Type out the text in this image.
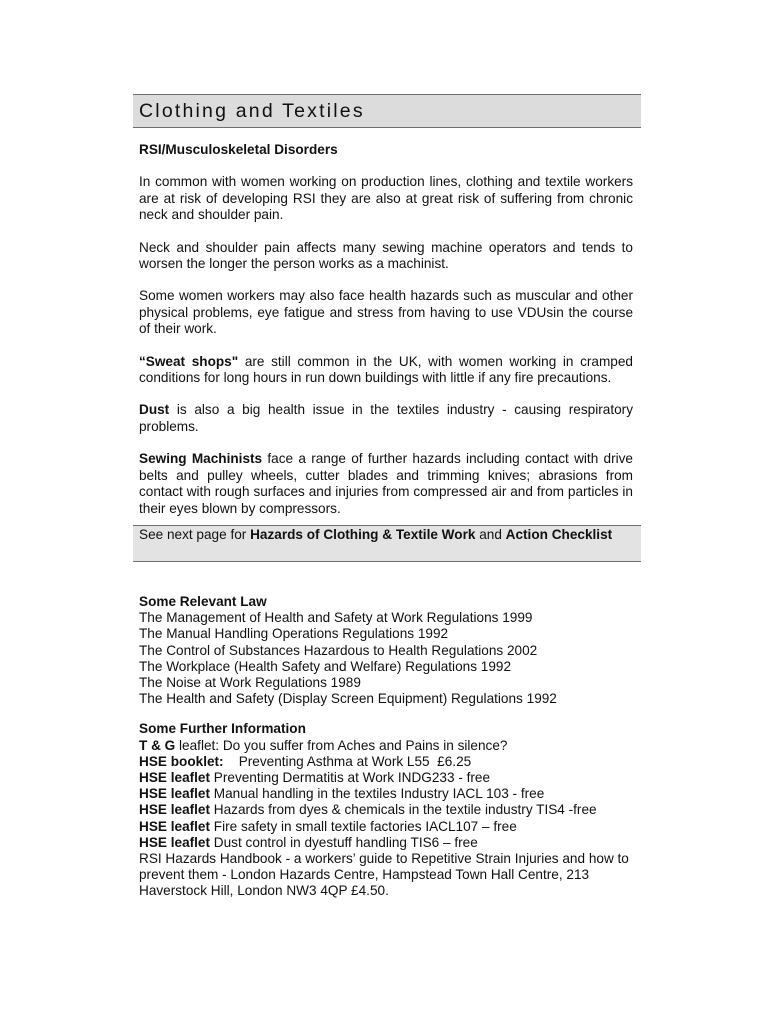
Clothing and Textiles
RSI/Musculoskeletal Disorders

In common with women working on production lines, clothing and textile workers are at risk of developing RSI they are also at great risk of suffering from chronic neck and shoulder pain.

Neck and shoulder pain affects many sewing machine operators and tends to worsen the longer the person works as a machinist.

Some women workers may also face health hazards such as muscular and other physical problems, eye fatigue and stress from having to use VDUsin the course of their work.

“Sweat shops" are still common in the UK, with women working in cramped conditions for long hours in run down buildings with little if any fire precautions.

Dust is also a big health issue in the textiles industry - causing respiratory problems.

Sewing Machinists face a range of further hazards including contact with drive belts and pulley wheels, cutter blades and trimming knives; abrasions from contact with rough surfaces and injuries from compressed air and from particles in their eyes blown by compressors.

See next page for Hazards of Clothing & Textile Work and Action Checklist
Some Relevant Law
The Management of Health and Safety at Work Regulations 1999
The Manual Handling Operations Regulations 1992
The Control of Substances Hazardous to Health Regulations 2002
The Workplace (Health Safety and Welfare) Regulations 1992
The Noise at Work Regulations 1989
The Health and Safety (Display Screen Equipment) Regulations 1992
Some Further Information
T & G leaflet: Do you suffer from Aches and Pains in silence?
HSE booklet:    Preventing Asthma at Work L55  £6.25
HSE leaflet Preventing Dermatitis at Work INDG233 - free
HSE leaflet Manual handling in the textiles Industry IACL 103 - free
HSE leaflet Hazards from dyes & chemicals in the textile industry TIS4 -free
HSE leaflet Fire safety in small textile factories IACL107 – free
HSE leaflet Dust control in dyestuff handling TIS6 – free
RSI Hazards Handbook - a workers’ guide to Repetitive Strain Injuries and how to prevent them - London Hazards Centre, Hampstead Town Hall Centre, 213 Haverstock Hill, London NW3 4QP £4.50.
